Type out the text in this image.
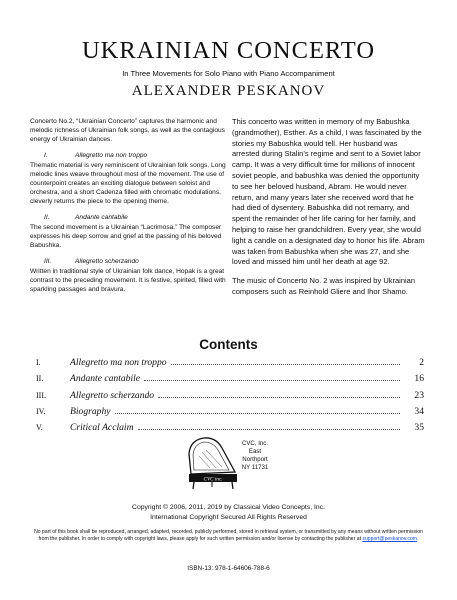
UKRAINIAN CONCERTO
In Three Movements for Solo Piano with Piano Accompaniment
ALEXANDER PESKANOV

Concerto No.2, “Ukrainian Concerto” captures the harmonic and melodic richness of Ukrainian folk songs, as well as the contagious energy of Ukrainian dances.

I.	Allegretto ma non troppo

Thematic material is very reminiscent of Ukrainian folk songs. Long melodic lines weave throughout most of the movement. The use of counterpoint creates an exciting dialogue between soloist and orchestra, and a short Cadenza filled with chromatic modulations, cleverly returns the piece to the opening theme.

II.	Andante cantabile

The second movement is a Ukrainian “Lacrimosa.” The composer expresses his deep sorrow and grief at the passing of his beloved Babushka.

III.	Allegretto scherzando

Written in traditional style of Ukrainian folk dance, Hopak is a great contrast to the preceding movement. It is festive, spirited, filled with sparkling passages and bravura.

This concerto was written in memory of my Babushka (grandmother), Esther. As a child, I was fascinated by the stories my Babushka would tell. Her husband was arrested during Stalin’s regime and sent to a Soviet labor camp. It was a very difficult time for millions of innocent soviet people, and babushka was denied the opportunity to see her beloved husband, Abram. He would never return, and many years later she received word that he had died of dysentery. Babushka did not remarry, and spent the remainder of her life caring for her family, and helping to raise her grandchildren. Every year, she would light a candle on a designated day to honor his life. Abram was taken from Babushka when she was 27, and she loved and missed him until her death at age 92.

The music of Concerto No. 2 was inspired by Ukrainian composers such as Reinhold Gliere and Ihor Shamo.

Contents
I.	Allegretto ma non troppo	2
II.	Andante cantabile	16
III.	Allegretto scherzando	23
IV.	Biography	34
V.	Critical Acclaim	35
CVC inc.
CVC, Inc.
East Northport
NY 11731
Copyright © 2006, 2011, 2019 by Classical Video Concepts, Inc.
International Copyright Secured All Rights Reserved
No part of this book shall be reproduced, arranged, adapted, recorded, publicly performed, stored in retrieval system, or transmitted by any means without written permission from the publisher. In order to comply with copyright laws, please apply for such written permission and/or license by contacting the publisher at support@peskanov.com.
ISBN-13: 978-1-64606-788-6
